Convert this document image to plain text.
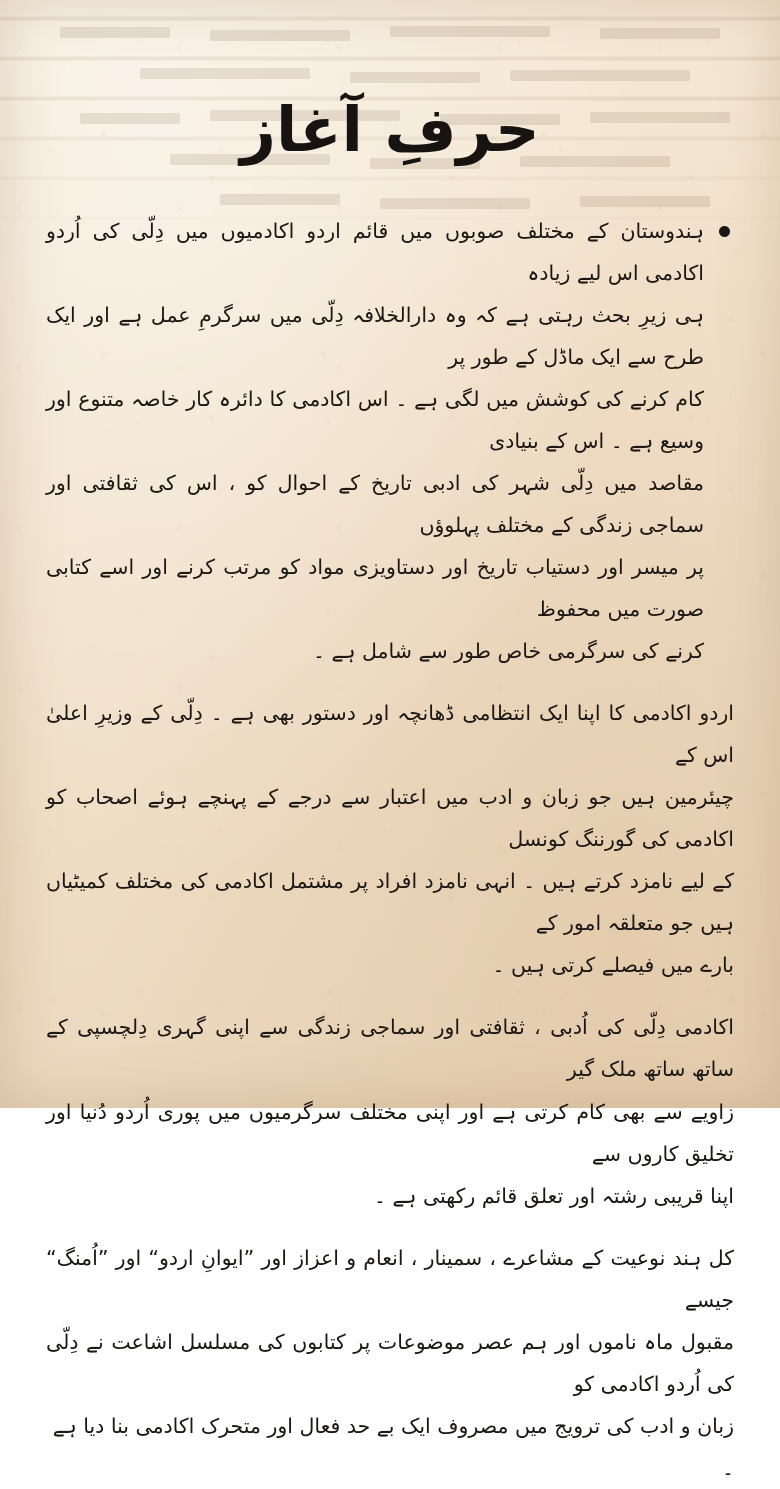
حرفِ آغاز

ہندوستان کے مختلف صوبوں میں قائم اردو اکادمیوں میں دِلّی کی اُردو اکادمی اس لیے زیادہ
ہی زیرِ بحث رہتی ہے کہ وہ دارالخلافہ دِلّی میں سرگرمِ عمل ہے اور ایک طرح سے ایک ماڈل کے طور پر
کام کرنے کی کوشش میں لگی ہے ۔ اس اکادمی کا دائرہ کار خاصہ متنوع اور وسیع ہے ۔ اس کے بنیادی
مقاصد میں دِلّی شہر کی ادبی تاریخ کے احوال کو ، اس کی ثقافتی اور سماجی زندگی کے مختلف پہلوؤں
پر میسر اور دستیاب تاریخ اور دستاویزی مواد کو مرتب کرنے اور اسے کتابی صورت میں محفوظ
کرنے کی سرگرمی خاص طور سے شامل ہے ۔

اردو اکادمی کا اپنا ایک انتظامی ڈھانچہ اور دستور بھی ہے ۔ دِلّی کے وزیرِ اعلیٰ اس کے
چیئرمین ہیں جو زبان و ادب میں اعتبار سے درجے کے پہنچے ہوئے اصحاب کو اکادمی کی گورننگ کونسل
کے لیے نامزد کرتے ہیں ۔ انہی نامزد افراد پر مشتمل اکادمی کی مختلف کمیٹیاں ہیں جو متعلقہ امور کے
بارے میں فیصلے کرتی ہیں ۔

اکادمی دِلّی کی اُدبی ، ثقافتی اور سماجی زندگی سے اپنی گہری دِلچسپی کے ساتھ ساتھ ملک گیر
زاویے سے بھی کام کرتی ہے اور اپنی مختلف سرگرمیوں میں پوری اُردو دُنیا اور تخلیق کاروں سے
اپنا قریبی رشتہ اور تعلق قائم رکھتی ہے ۔

کل ہند نوعیت کے مشاعرے ، سمینار ، انعام و اعزاز اور ”ایوانِ اردو“ اور ”اُمنگ“ جیسے
مقبول ماہ ناموں اور ہم عصر موضوعات پر کتابوں کی مسلسل اشاعت نے دِلّی کی اُردو اکادمی کو
زبان و ادب کی ترویج میں مصروف ایک بے حد فعال اور متحرک اکادمی بنا دیا ہے ۔
